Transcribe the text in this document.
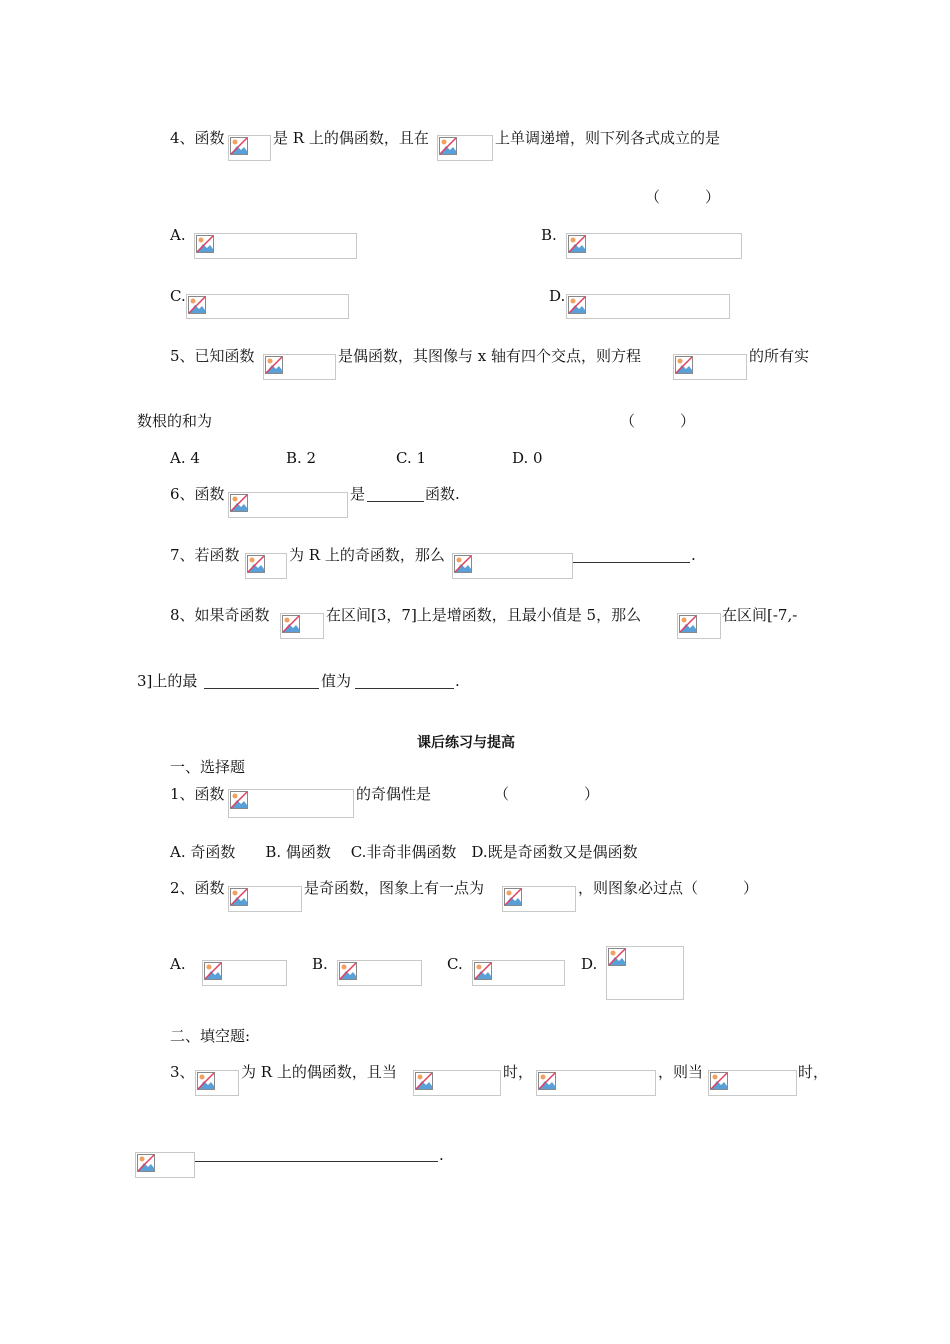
4、函数	是 R 上的偶函数，且在	上单调递增，则下列各式成立的是
（　　　）
A.	B.
C.	D.
5、已知函数	是偶函数，其图像与 x 轴有四个交点，则方程	的所有实
数根的和为	（　　　）
A. 4	B. 2	C. 1	D. 0
6、函数	是	函数.
7、若函数	为 R 上的奇函数，那么	.
8、如果奇函数	在区间[3，7]上是增函数，且最小值是 5，那么	在区间[-7,-
3]上的最	值为	.
课后练习与提高
一、选择题
1、函数	的奇偶性是	（　　　　　）
A. 奇函数　　B. 偶函数　 C.非奇非偶函数　D.既是奇函数又是偶函数
2、函数	是奇函数，图象上有一点为	，则图象必过点（　　　）
A.	B.	C.	D.
二、填空题:
3、	为 R 上的偶函数，且当	时，	，则当	时，
.
